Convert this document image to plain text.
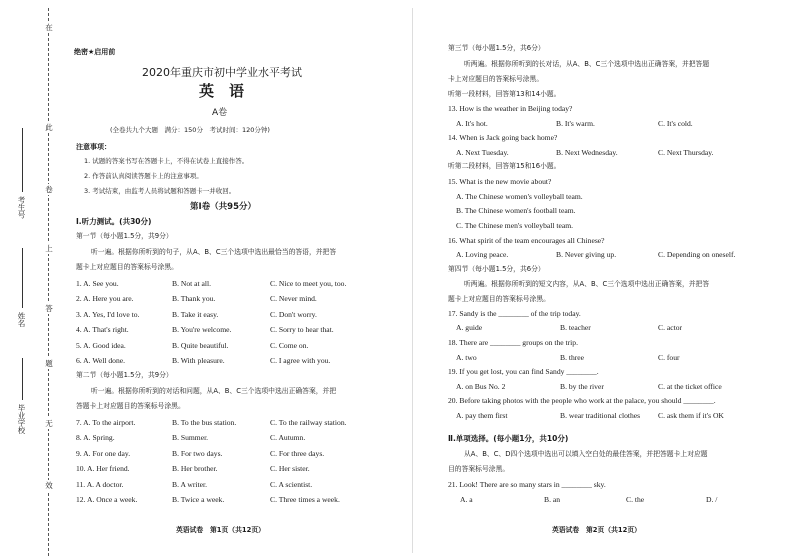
在
此
卷
上
答
题
无
效
考生号
姓名
毕业学校
绝密★启用前
2020年重庆市初中学业水平考试
英　语
A卷
(全卷共九个大题　满分：150分　考试时间：120分钟)
注意事项：
1. 试题的答案书写在答题卡上，不得在试卷上直接作答。
2. 作答前认真阅读答题卡上的注意事项。
3. 考试结束，由监考人员将试题和答题卡一并收回。
第Ⅰ卷（共95分）
Ⅰ.听力测试。(共30分)
第一节（每小题1.5分，共9分）
听一遍。根据你所听到的句子，从A、B、C三个选项中选出最恰当的答语，并把答
题卡上对应题目的答案标号涂黑。
1. A. See you.	B. Not at all.	C. Nice to meet you, too.
2. A. Here you are.	B. Thank you.	C. Never mind.
3. A. Yes, I'd love to.	B. Take it easy.	C. Don't worry.
4. A. That's right.	B. You're welcome.	C. Sorry to hear that.
5. A. Good idea.	B. Quite beautiful.	C. Come on.
6. A. Well done.	B. With pleasure.	C. I agree with you.
第二节（每小题1.5分，共9分）
听一遍。根据你所听到的对话和问题，从A、B、C三个选项中选出正确答案，并把
答题卡上对应题目的答案标号涂黑。
7. A. To the airport.	B. To the bus station.	C. To the railway station.
8. A. Spring.	B. Summer.	C. Autumn.
9. A. For one day.	B. For two days.	C. For three days.
10. A. Her friend.	B. Her brother.	C. Her sister.
11. A. A doctor.	B. A writer.	C. A scientist.
12. A. Once a week.	B. Twice a week.	C. Three times a week.
英语试卷　第1页（共12页）
第三节（每小题1.5分，共6分）
听两遍。根据你所听到的长对话，从A、B、C三个选项中选出正确答案，并把答题
卡上对应题目的答案标号涂黑。
听第一段材料，回答第13和14小题。
13. How is the weather in Beijing today?
A. It's hot.	B. It's warm.	C. It's cold.
14. When is Jack going back home?
A. Next Tuesday.	B. Next Wednesday.	C. Next Thursday.
听第二段材料，回答第15和16小题。
15. What is the new movie about?
A. The Chinese women's volleyball team.
B. The Chinese women's football team.
C. The Chinese men's volleyball team.
16. What spirit of the team encourages all Chinese?
A. Loving peace.	B. Never giving up.	C. Depending on oneself.
第四节（每小题1.5分，共6分）
听两遍。根据你所听到的短文内容，从A、B、C三个选项中选出正确答案，并把答
题卡上对应题目的答案标号涂黑。
17. Sandy is the ________ of the trip today.
A. guide	B. teacher	C. actor
18. There are ________ groups on the trip.
A. two	B. three	C. four
19. If you get lost, you can find Sandy ________.
A. on Bus No. 2	B. by the river	C. at the ticket office
20. Before taking photos with the people who work at the palace, you should ________.
A. pay them first	B. wear traditional clothes C. ask them if it's OK
Ⅱ.单项选择。(每小题1分，共10分)
从A、B、C、D四个选项中选出可以填入空白处的最佳答案，并把答题卡上对应题
目的答案标号涂黑。
21. Look! There are so many stars in ________ sky.
A. a	B. an	C. the	D. /
英语试卷　第2页（共12页）
